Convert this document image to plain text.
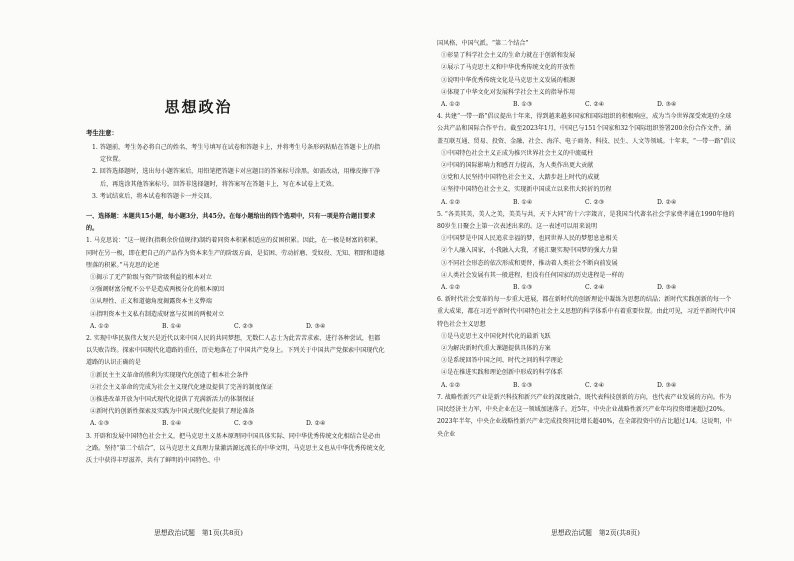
思想政治
考生注意：

1. 答题前，考生务必将自己的姓名、考生号填写在试卷和答题卡上，并将考生号条形码粘贴在答题卡上的指定位置。

2. 回答选择题时，选出每小题答案后，用铅笔把答题卡对应题目的答案标号涂黑。如需改动，用橡皮擦干净后，再选涂其他答案标号。回答非选择题时，将答案写在答题卡上，写在本试卷上无效。

3. 考试结束后，将本试卷和答题卡一并交回。

一、选择题：本题共15小题，每小题3分，共45分。在每小题给出的四个选项中，只有一项是符合题目要求的。

1. 马克思说：“这一规律(指剩余价值规律)制约着同资本积累相适应的贫困积累。因此，在一极是财富的积累，同时在另一极，即在把自己的产品作为资本来生产的阶级方面，是贫困、劳动折磨、受奴役、无知、粗野和道德堕落的积累。”马克思的论述

①揭示了无产阶级与资产阶级利益的根本对立

②强调财富分配不公平是造成两极分化的根本原因

③从理性、正义和道德角度揭露资本主义弊端

④指明资本主义私有制造成财富与贫困的两极对立

A. ①②	B. ①④	C. ②③	D. ③④

2. 实现中华民族伟大复兴是近代以来中国人民的共同梦想，无数仁人志士为此苦苦求索、进行各种尝试，但都以失败告终。探索中国现代化道路的重任，历史地落在了中国共产党身上。下列关于中国共产党探索中国现代化道路的认识正确的是

①新民主主义革命的胜利为实现现代化创造了根本社会条件

②社会主义革命的完成为社会主义现代化建设提供了完善的制度保证

③推进改革开放为中国式现代化提供了充满新活力的体制保证

④新时代的创新性探索及实践为中国式现代化提供了理论准备

A. ①③	B. ①④	C. ②③	D. ②④

3. 开辟和发展中国特色社会主义，把马克思主义基本原理同中国具体实际、同中华优秀传统文化相结合是必由之路。坚持“第二个结合”，以马克思主义真理力量激活源远流长的中华文明，马克思主义也从中华优秀传统文化沃土中获得丰厚滋养，共有了鲜明的中国特色、中

思想政治试题　第1页(共8页)

国风格、中国气派。“第二个结合”

①彰显了科学社会主义的生命力就在于创新和发展

②展示了马克思主义和中华优秀传统文化的开放性

③说明中华优秀传统文化是马克思主义发展的根源

④体现了中华文化对发展科学社会主义的指导作用

A. ①②	B. ①③	C. ②④	D. ③④

4. 共建“一带一路”倡议提出十年来，得到越来越多国家和国际组织的积极响应，成为当今世界深受欢迎的全球公共产品和国际合作平台。截至2023年1月，中国已与151个国家和32个国际组织签署200余份合作文件，涵盖互联互通、贸易、投资、金融、社会、海洋、电子商务、科技、民生、人文等领域。十年来，“一带一路”倡议

①中国特色社会主义正成为推兴世界社会主义的中流砥柱

②中国的国际影响力和感召力提高，为人类作出更大贡献

③党和人民坚持中国特色社会主义，大踏步赶上时代的成就

④坚持中国特色社会主义，实现新中国成立以来伟大转折的历程

A. ①②	B. ①④	C. ②③	D. ②④

5. “各美其美，美人之美，美美与共，天下大同”的十六字箴言，是我国当代著名社会学家费孝通在1990年他的80岁生日聚会上第一次表述出来的。这一表述可以用来说明

①中国梦是中国人民追求幸福的梦，也同世界人民的梦想息息相关

②个人融入国家，小我融入大我，才能汇聚实现中国梦的强大力量

③不同社会形态的依次形成和更替，推动着人类社会不断向前发展

④人类社会发展有其一般进程，但没有任何国家的历史进程是一样的

A. ①②	B. ①③	C. ②④	D. ③④

6. 新时代社会变革的每一步重大进展，都在新时代的创新理论中凝练为思想的结晶；新时代实践创新的每一个重大成果，都在习近平新时代中国特色社会主义思想的科学体系中有着重要位置。由此可见，习近平新时代中国特色社会主义思想

①是马克思主义中国化时代化的最新飞跃

②为解决新时代重大课题提供具体的方案

③是系统回答中国之问、时代之问的科学理论

④是在推进实践和理论创新中形成的科学体系

A. ①②	B. ①③	C. ②④	D. ③④

7. 战略性新兴产业是新兴科技和新兴产业的深度融合，既代表科技创新的方向，也代表产业发展的方向。作为国民经济主力军，中央企业在这一领域加速落子。近5年，中央企业战略性新兴产业年均投资增速超过20%。2023年半年，中央企业战略性新兴产业完成投资同比增长超40%，在全部投资中的占比超过1/4。这说明，中央企业

思想政治试题　第2页(共8页)
